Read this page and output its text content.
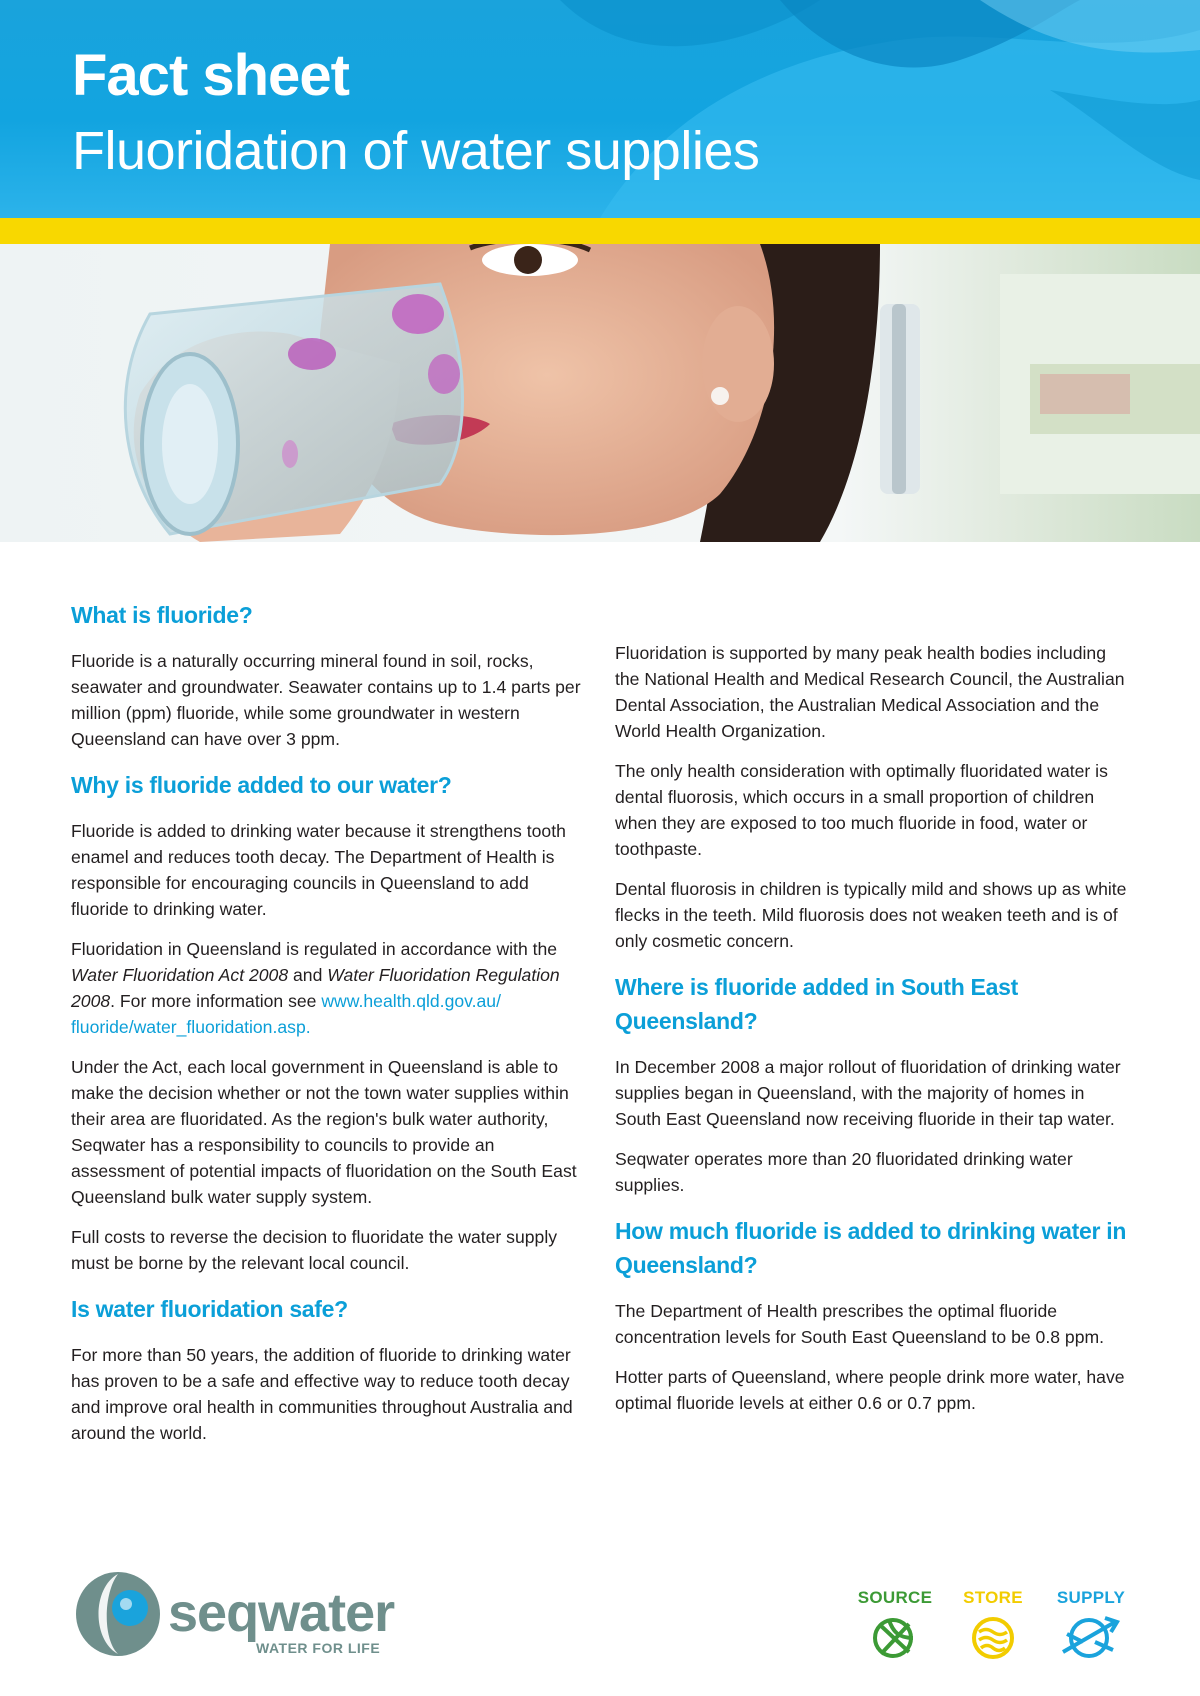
Fact sheet
Fluoridation of water supplies
What is fluoride?

Fluoride is a naturally occurring mineral found in soil, rocks, seawater and groundwater. Seawater contains up to 1.4 parts per million (ppm) fluoride, while some groundwater in western Queensland can have over 3 ppm.

Why is fluoride added to our water?

Fluoride is added to drinking water because it strengthens tooth enamel and reduces tooth decay. The Department of Health is responsible for encouraging councils in Queensland to add fluoride to drinking water.

Fluoridation in Queensland is regulated in accordance with the Water Fluoridation Act 2008 and Water Fluoridation Regulation 2008. For more information see www.health.qld.gov.au/ fluoride/water_fluoridation.asp.

Under the Act, each local government in Queensland is able to make the decision whether or not the town water supplies within their area are fluoridated. As the region's bulk water authority, Seqwater has a responsibility to councils to provide an assessment of potential impacts of fluoridation on the South East Queensland bulk water supply system.

Full costs to reverse the decision to fluoridate the water supply must be borne by the relevant local council.

Is water fluoridation safe?

For more than 50 years, the addition of fluoride to drinking water has proven to be a safe and effective way to reduce tooth decay and improve oral health in communities throughout Australia and around the world.

Fluoridation is supported by many peak health bodies including the National Health and Medical Research Council, the Australian Dental Association, the Australian Medical Association and the World Health Organization.

The only health consideration with optimally fluoridated water is dental fluorosis, which occurs in a small proportion of children when they are exposed to too much fluoride in food, water or toothpaste.

Dental fluorosis in children is typically mild and shows up as white flecks in the teeth. Mild fluorosis does not weaken teeth and is of only cosmetic concern.

Where is fluoride added in South East Queensland?

In December 2008 a major rollout of fluoridation of drinking water supplies began in Queensland, with the majority of homes in South East Queensland now receiving fluoride in their tap water.

Seqwater operates more than 20 fluoridated drinking water supplies.

How much fluoride is added to drinking water in Queensland?

The Department of Health prescribes the optimal fluoride concentration levels for South East Queensland to be 0.8 ppm.

Hotter parts of Queensland, where people drink more water, have optimal fluoride levels at either 0.6 or 0.7 ppm.

seqwater
WATER FOR LIFE
SOURCE	STORE	SUPPLY
